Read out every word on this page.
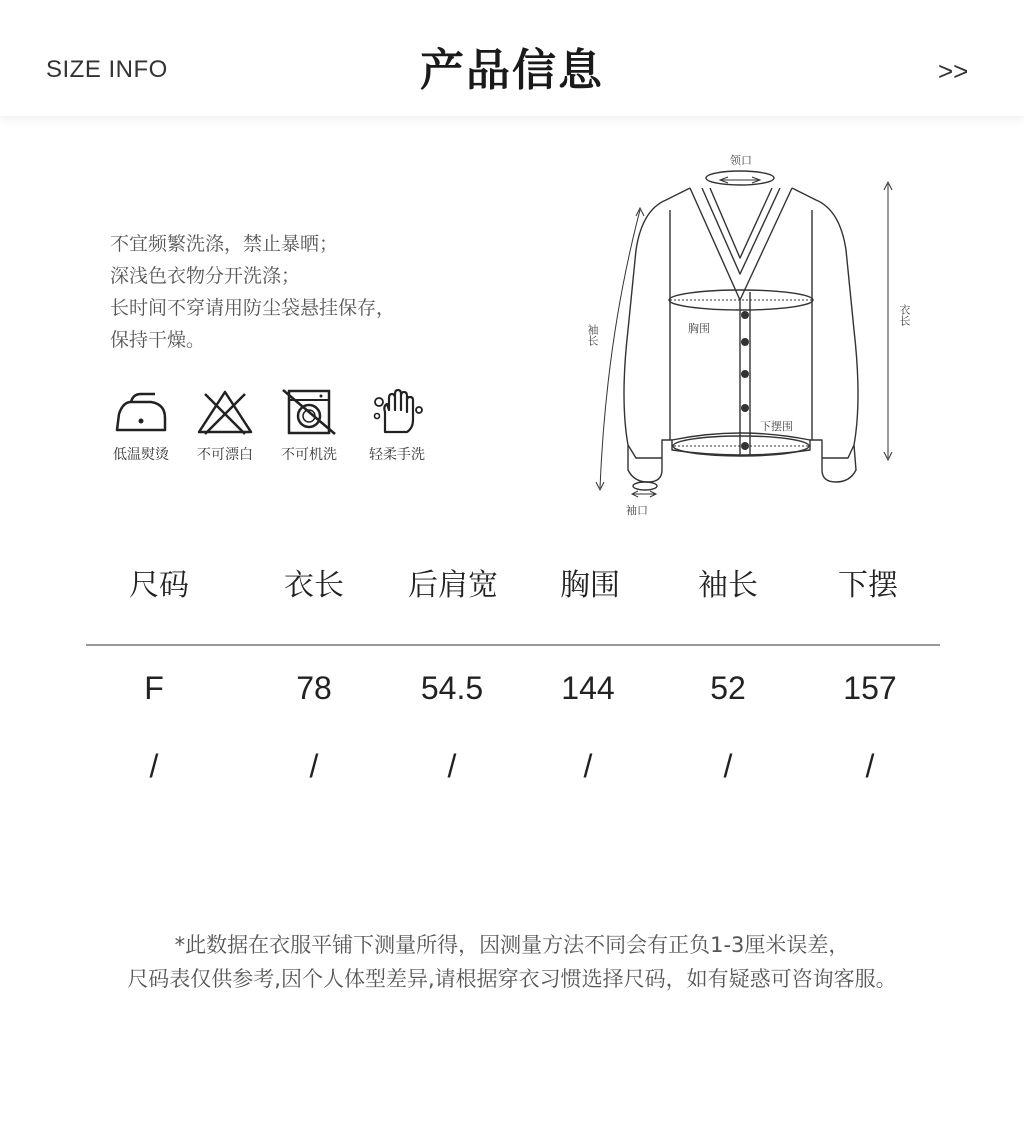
SIZE INFO	产品信息	>>
不宜频繁洗涤，禁止暴晒；
深浅色衣物分开洗涤；
长时间不穿请用防尘袋悬挂保存，
保持干燥。
低温熨烫	不可漂白	不可机洗	轻柔手洗
领口
衣长
袖长	胸围
下摆围
袖口
尺码	衣长	后肩宽	胸围	袖长	下摆
F	78	54.5	144	52	157
/	/	/	/	/	/
*此数据在衣服平铺下测量所得，因测量方法不同会有正负1-3厘米误差，
尺码表仅供参考,因个人体型差异,请根据穿衣习惯选择尺码，如有疑惑可咨询客服。
